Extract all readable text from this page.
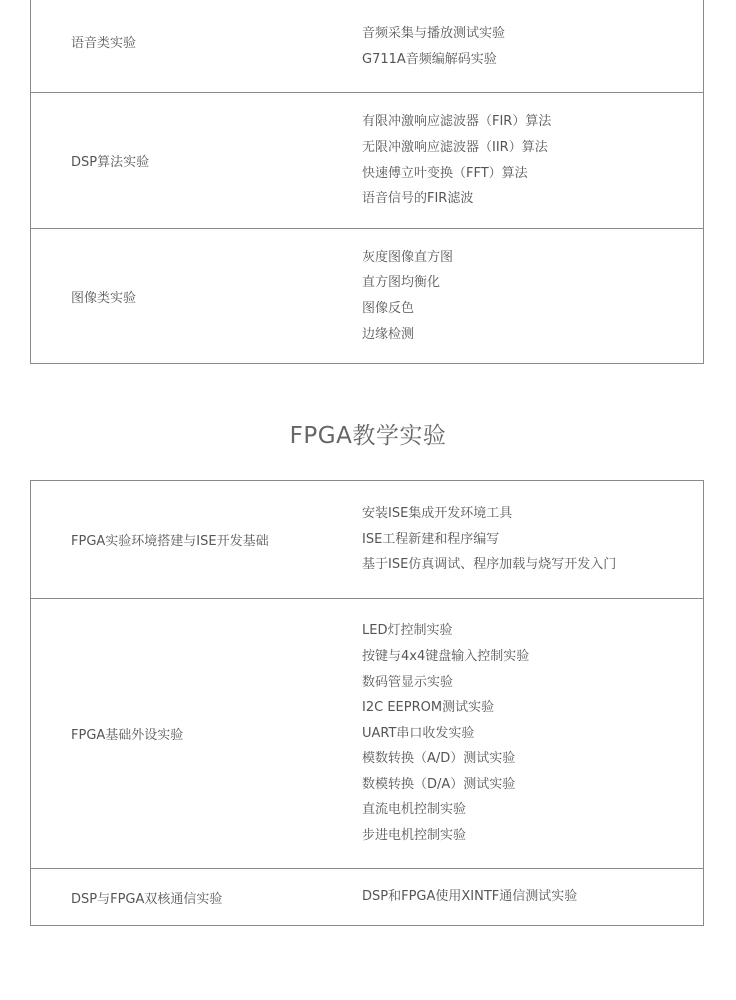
语音类实验
音频采集与播放测试实验
G711A音频编解码实验
DSP算法实验
有限冲激响应滤波器（FIR）算法
无限冲激响应滤波器（IIR）算法
快速傅立叶变换（FFT）算法
语音信号的FIR滤波
图像类实验
灰度图像直方图
直方图均衡化
图像反色
边缘检测
FPGA教学实验
FPGA实验环境搭建与ISE开发基础
安装ISE集成开发环境工具
ISE工程新建和程序编写
基于ISE仿真调试、程序加载与烧写开发入门
FPGA基础外设实验
LED灯控制实验
按键与4x4键盘输入控制实验
数码管显示实验
I2C EEPROM测试实验
UART串口收发实验
模数转换（A/D）测试实验
数模转换（D/A）测试实验
直流电机控制实验
步进电机控制实验
DSP与FPGA双核通信实验	DSP和FPGA使用XINTF通信测试实验
